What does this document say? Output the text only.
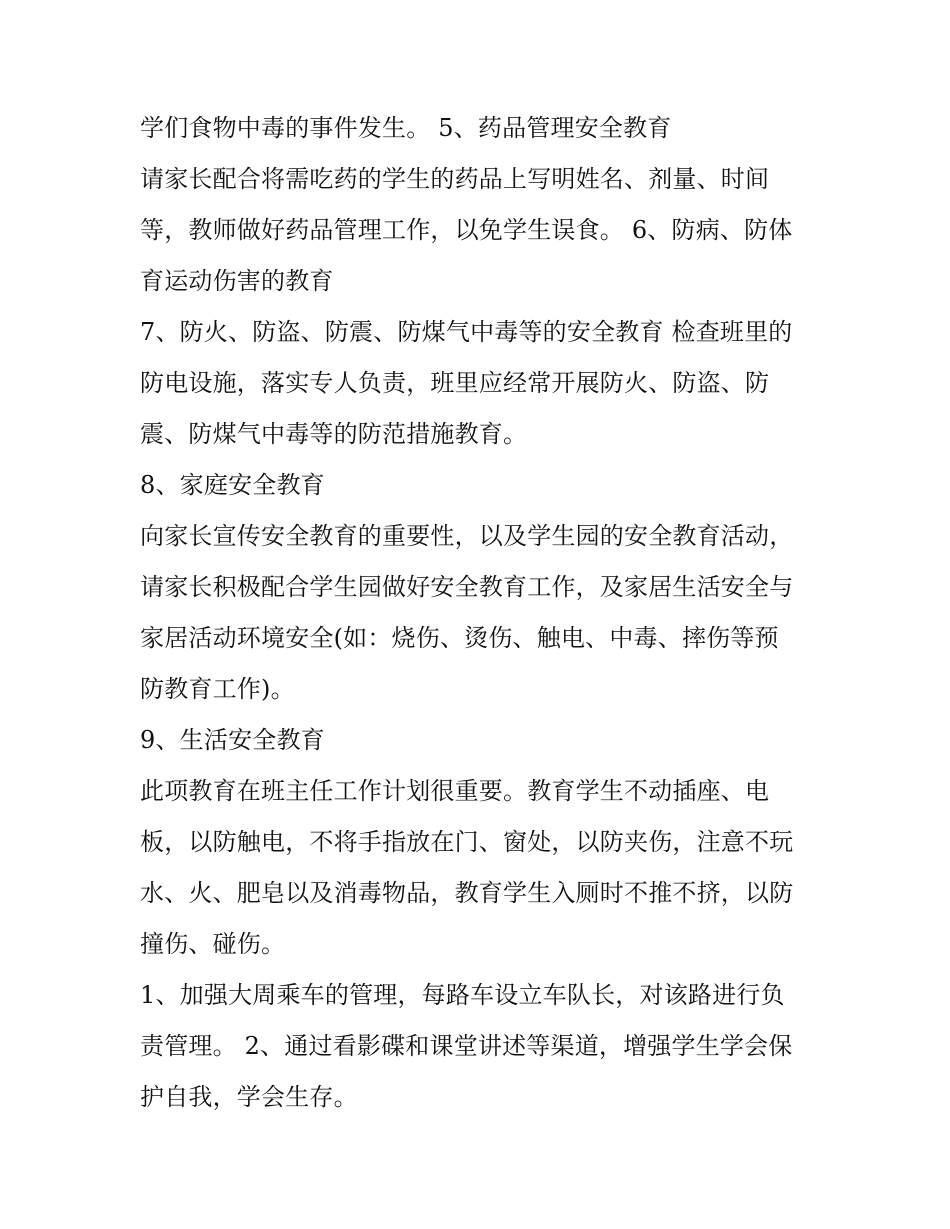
学们食物中毒的事件发生。 5、药品管理安全教育
请家长配合将需吃药的学生的药品上写明姓名、剂量、时间
等，教师做好药品管理工作，以免学生误食。 6、防病、防体
育运动伤害的教育
7、防火、防盗、防震、防煤气中毒等的安全教育 检查班里的
防电设施，落实专人负责，班里应经常开展防火、防盗、防
震、防煤气中毒等的防范措施教育。
8、家庭安全教育
向家长宣传安全教育的重要性，以及学生园的安全教育活动，
请家长积极配合学生园做好安全教育工作，及家居生活安全与
家居活动环境安全(如：烧伤、烫伤、触电、中毒、摔伤等预
防教育工作)。
9、生活安全教育
此项教育在班主任工作计划很重要。教育学生不动插座、电
板，以防触电，不将手指放在门、窗处，以防夹伤，注意不玩
水、火、肥皂以及消毒物品，教育学生入厕时不推不挤，以防
撞伤、碰伤。
1、加强大周乘车的管理，每路车设立车队长，对该路进行负
责管理。 2、通过看影碟和课堂讲述等渠道，增强学生学会保
护自我，学会生存。
